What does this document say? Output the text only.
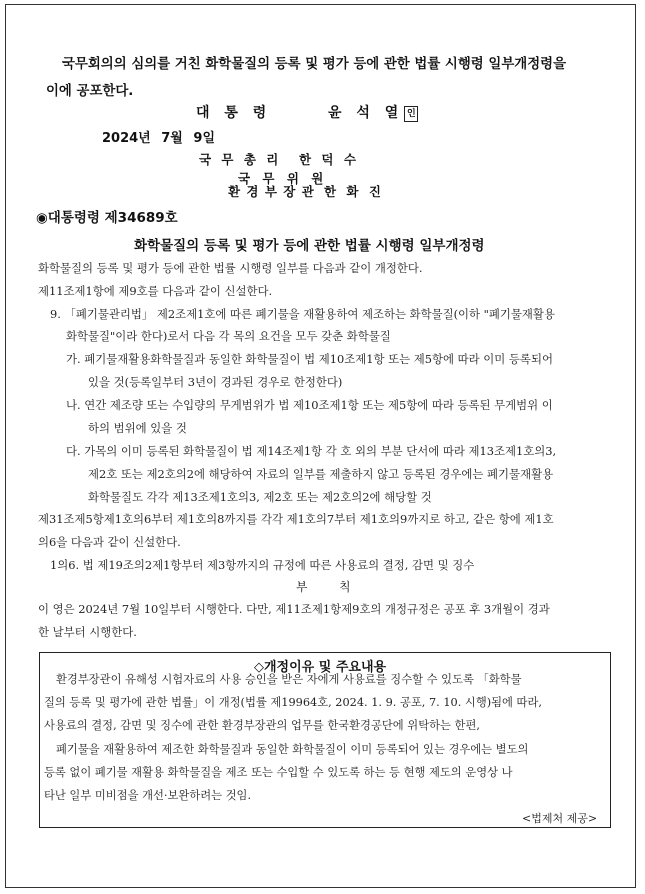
국무회의의 심의를 거친 화학물질의 등록 및 평가 등에 관한 법률 시행령 일부개정령을
이에 공포한다.
대 통 령	윤 석 열 인
2024년 7월 9일
국 무 총 리 한 덕 수
국 무 위 원
환 경 부 장 관 한 화 진
◉대통령령 제34689호
화학물질의 등록 및 평가 등에 관한 법률 시행령 일부개정령
화학물질의 등록 및 평가 등에 관한 법률 시행령 일부를 다음과 같이 개정한다.
제11조제1항에 제9호를 다음과 같이 신설한다.
9. 「폐기물관리법」 제2조제1호에 따른 폐기물을 재활용하여 제조하는 화학물질(이하 "폐기물재활용
화학물질"이라 한다)로서 다음 각 목의 요건을 모두 갖춘 화학물질
가. 폐기물재활용화학물질과 동일한 화학물질이 법 제10조제1항 또는 제5항에 따라 이미 등록되어
있을 것(등록일부터 3년이 경과된 경우로 한정한다)
나. 연간 제조량 또는 수입량의 무게범위가 법 제10조제1항 또는 제5항에 따라 등록된 무게범위 이
하의 범위에 있을 것
다. 가목의 이미 등록된 화학물질이 법 제14조제1항 각 호 외의 부분 단서에 따라 제13조제1호의3,
제2호 또는 제2호의2에 해당하여 자료의 일부를 제출하지 않고 등록된 경우에는 폐기물재활용
화학물질도 각각 제13조제1호의3, 제2호 또는 제2호의2에 해당할 것
제31조제5항제1호의6부터 제1호의8까지를 각각 제1호의7부터 제1호의9까지로 하고, 같은 항에 제1호
의6을 다음과 같이 신설한다.
1의6. 법 제19조의2제1항부터 제3항까지의 규정에 따른 사용료의 결정, 감면 및 징수
부 칙
이 영은 2024년 7월 10일부터 시행한다. 다만, 제11조제1항제9호의 개정규정은 공포 후 3개월이 경과
한 날부터 시행한다.
◇개정이유 및 주요내용
환경부장관이 유해성 시험자료의 사용 승인을 받은 자에게 사용료를 징수할 수 있도록 「화학물
질의 등록 및 평가에 관한 법률」이 개정(법률 제19964호, 2024. 1. 9. 공포, 7. 10. 시행)됨에 따라,
사용료의 결정, 감면 및 징수에 관한 환경부장관의 업무를 한국환경공단에 위탁하는 한편,
폐기물을 재활용하여 제조한 화학물질과 동일한 화학물질이 이미 등록되어 있는 경우에는 별도의
등록 없이 폐기물 재활용 화학물질을 제조 또는 수입할 수 있도록 하는 등 현행 제도의 운영상 나
타난 일부 미비점을 개선·보완하려는 것임.
<법제처 제공>
